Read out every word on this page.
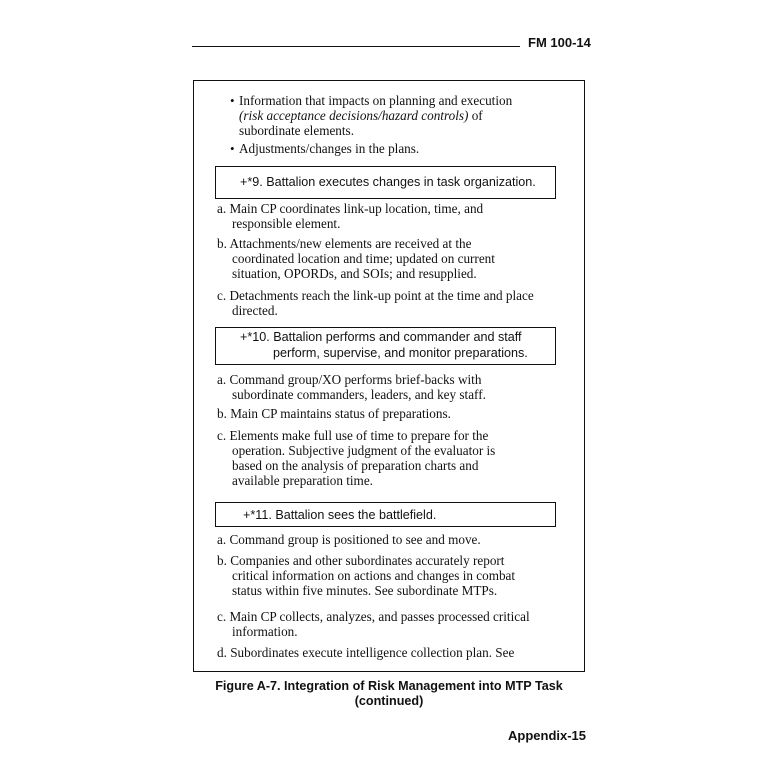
FM 100-14
• Information that impacts on planning and execution
(risk acceptance decisions/hazard controls) of
subordinate elements.
• Adjustments/changes in the plans.
+*9. Battalion executes changes in task organization.
a. Main CP coordinates link-up location, time, and
responsible element.
b. Attachments/new elements are received at the
coordinated location and time; updated on current
situation, OPORDs, and SOIs; and resupplied.
c. Detachments reach the link-up point at the time and place
directed.
+*10. Battalion performs and commander and staff
perform, supervise, and monitor preparations.
a. Command group/XO performs brief-backs with
subordinate commanders, leaders, and key staff.
b. Main CP maintains status of preparations.
c. Elements make full use of time to prepare for the
operation. Subjective judgment of the evaluator is
based on the analysis of preparation charts and
available preparation time.
+*11. Battalion sees the battlefield.
a. Command group is positioned to see and move.
b. Companies and other subordinates accurately report
critical information on actions and changes in combat
status within five minutes. See subordinate MTPs.
c. Main CP collects, analyzes, and passes processed critical
information.
d. Subordinates execute intelligence collection plan. See
Figure A-7. Integration of Risk Management into MTP Task
(continued)
Appendix-15
